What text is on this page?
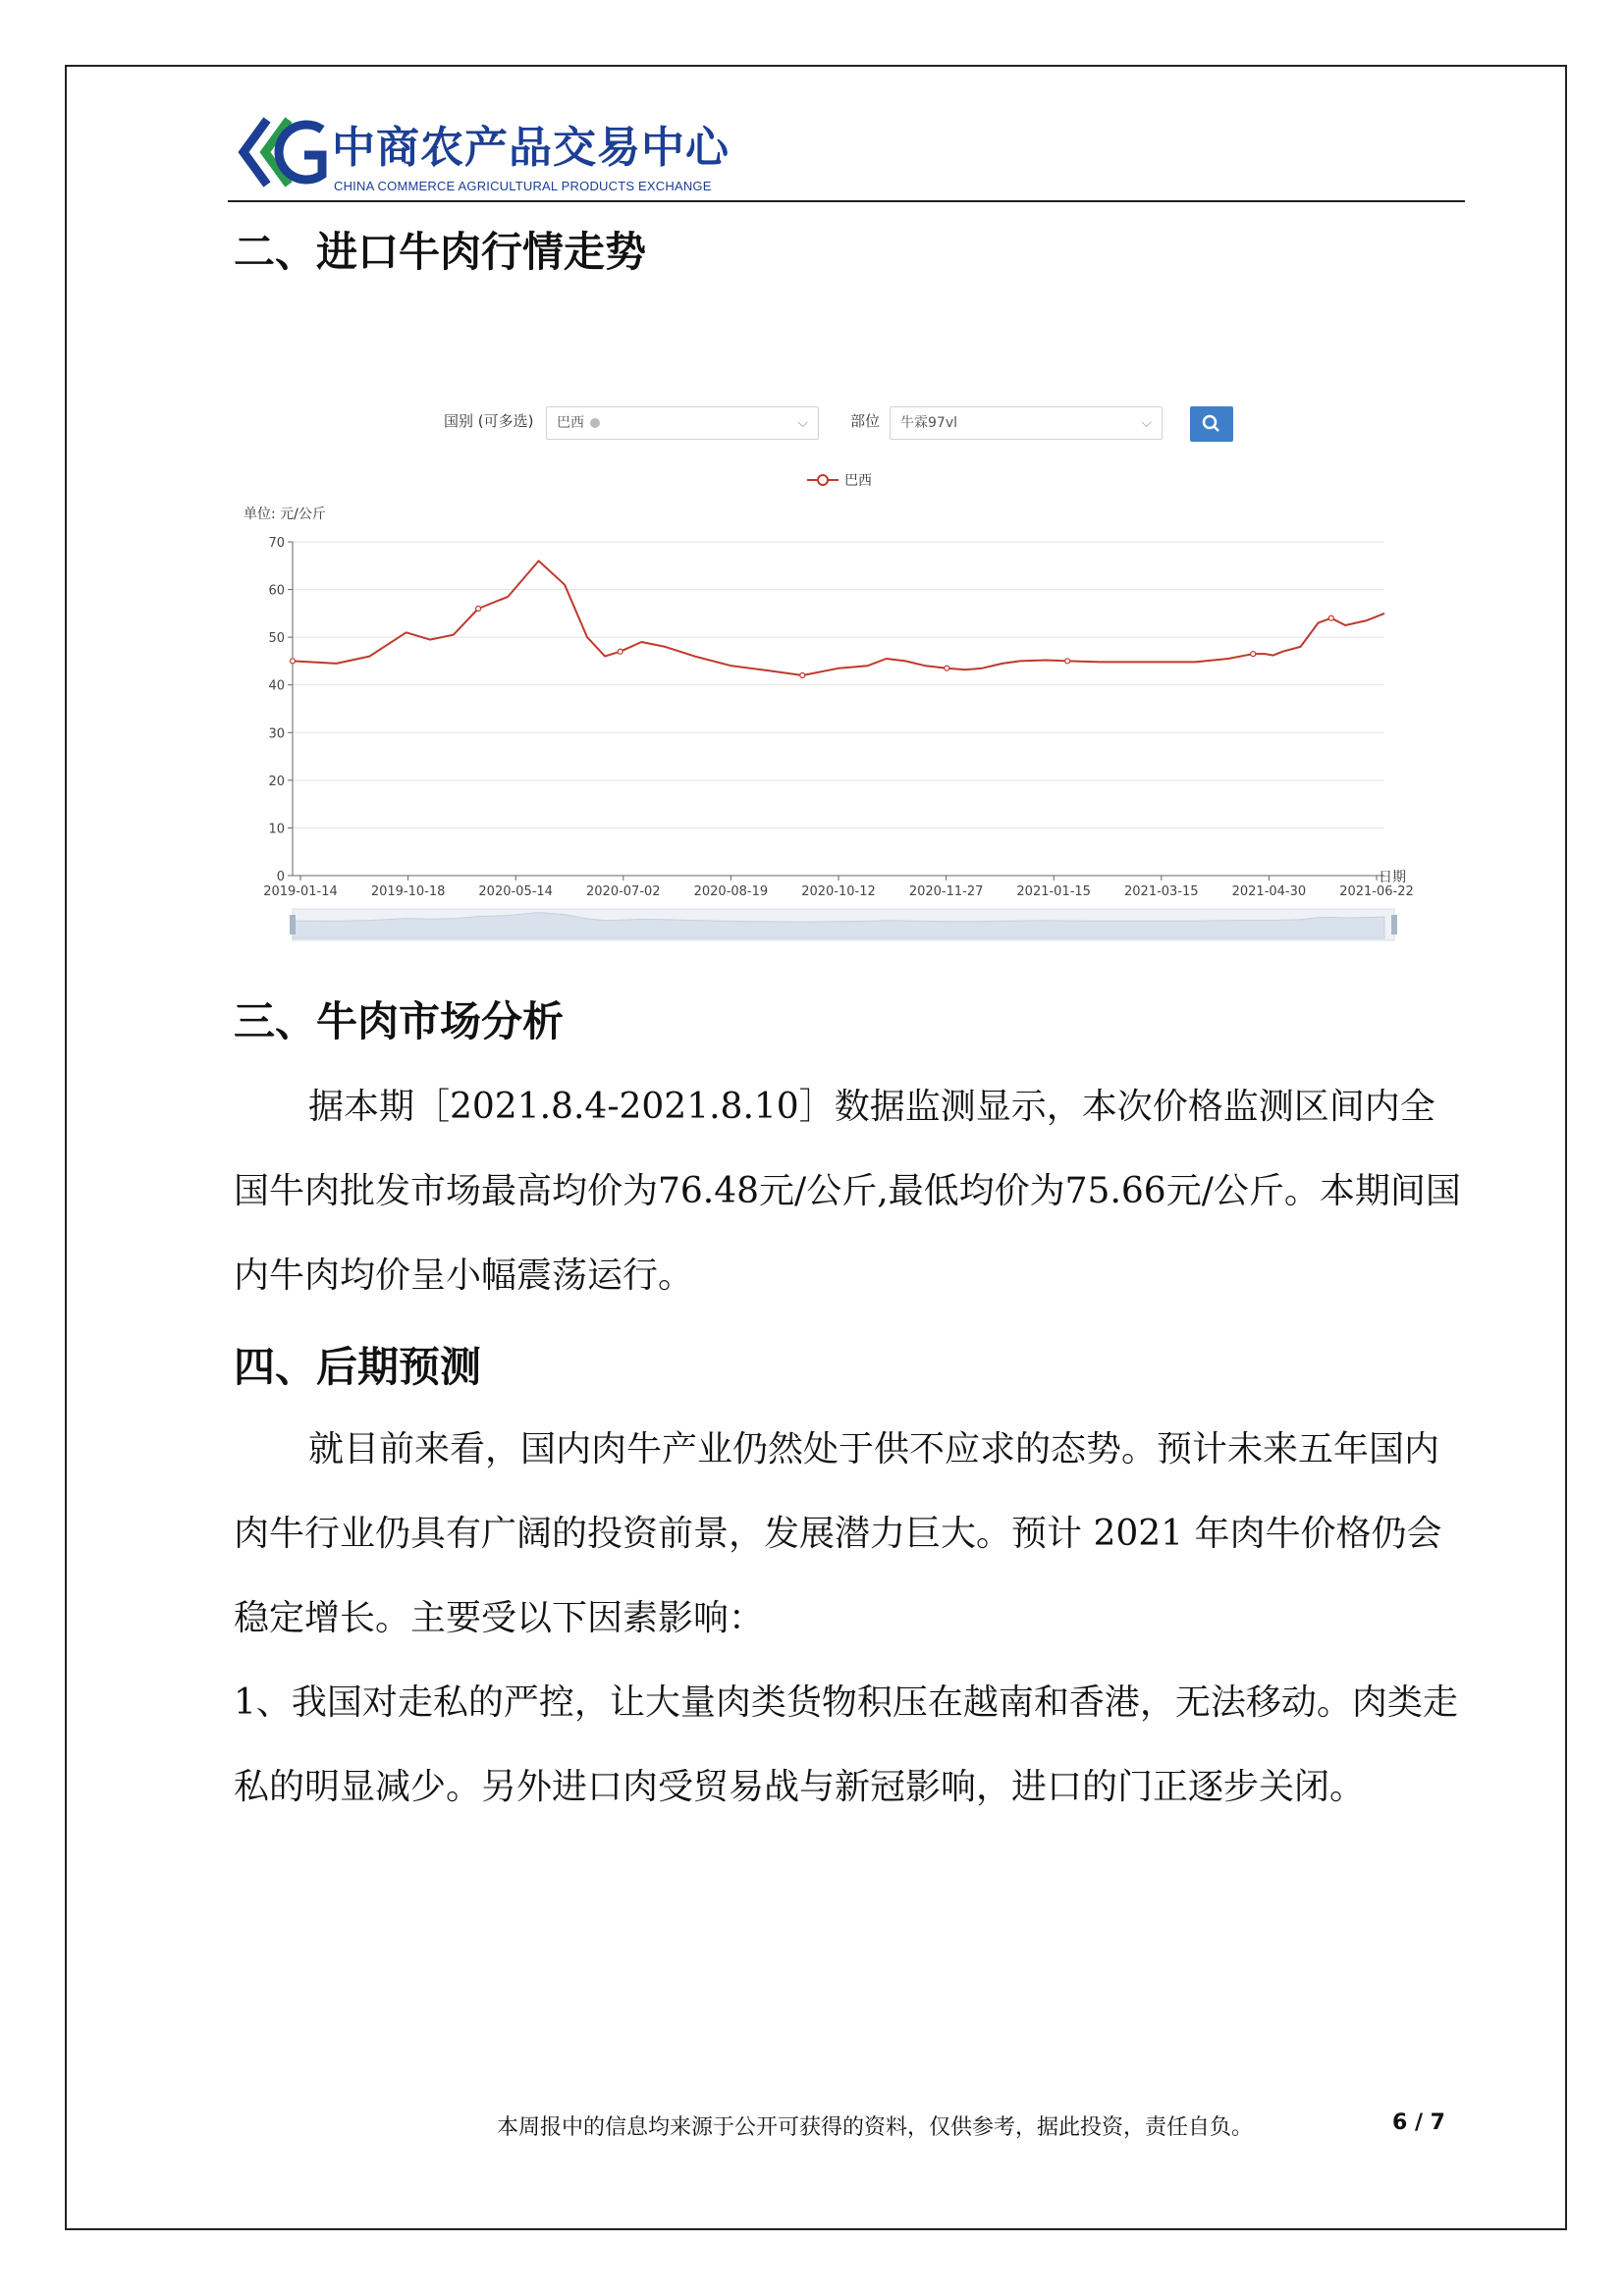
中商农产品交易中心
CHINA COMMERCE AGRICULTURAL PRODUCTS EXCHANGE
二、进口牛肉行情走势
国别 (可多选)	巴西	⌵	部位	牛霖97vl	⌵
巴西
单位: 元/公斤
0
10
20
30
40
50
60
70
2019-01-14	2019-10-18	2020-05-14	2020-07-02	2020-08-19	2020-10-12	2020-11-27	2021-01-15	2021-03-15	2021-04-30	2021-06-22
日期
三、牛肉市场分析

据本期［2021.8.4-2021.8.10］数据监测显示，本次价格监测区间内全国牛肉批发市场最高均价为76.48元/公斤,最低均价为75.66元/公斤。本期间国内牛肉均价呈小幅震荡运行。

四、后期预测

就目前来看，国内肉牛产业仍然处于供不应求的态势。预计未来五年国内肉牛行业仍具有广阔的投资前景，发展潜力巨大。预计 2021 年肉牛价格仍会稳定增长。主要受以下因素影响：

1、我国对走私的严控，让大量肉类货物积压在越南和香港，无法移动。肉类走私的明显减少。另外进口肉受贸易战与新冠影响，进口的门正逐步关闭。

本周报中的信息均来源于公开可获得的资料，仅供参考，据此投资，责任自负。	6 / 7
